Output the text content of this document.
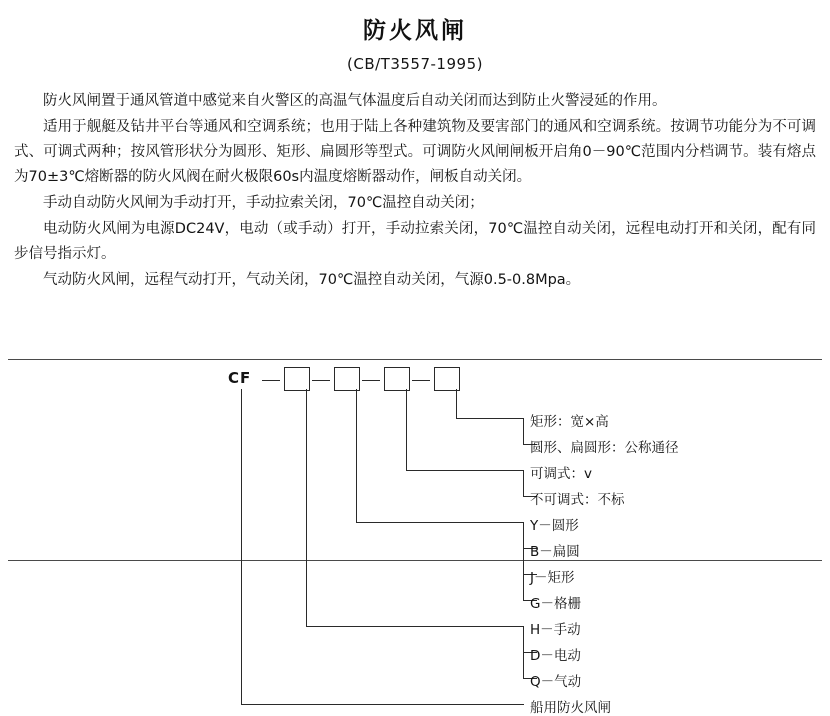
防火风闸
(CB/T3557-1995)

防火风闸置于通风管道中感觉来自火警区的高温气体温度后自动关闭而达到防止火警浸延的作用。

适用于舰艇及钻井平台等通风和空调系统；也用于陆上各种建筑物及要害部门的通风和空调系统。按调节功能分为不可调式、可调式两种；按风管形状分为圆形、矩形、扁圆形等型式。可调防火风闸闸板开启角0－90℃范围内分档调节。装有熔点为70±3℃熔断器的防火风阀在耐火极限60s内温度熔断器动作，闸板自动关闭。

手动自动防火风闸为手动打开，手动拉索关闭，70℃温控自动关闭；

电动防火风闸为电源DC24V，电动（或手动）打开，手动拉索关闭，70℃温控自动关闭，远程电动打开和关闭，配有同步信号指示灯。

气动防火风闸，远程气动打开，气动关闭，70℃温控自动关闭，气源0.5-0.8Mpa。

CF
矩形：宽×高
圆形、扁圆形：公称通径
可调式：v
不可调式：不标
Y－圆形
B－扁圆
J－矩形
G－格栅
H－手动
D－电动
Q－气动
船用防火风闸
